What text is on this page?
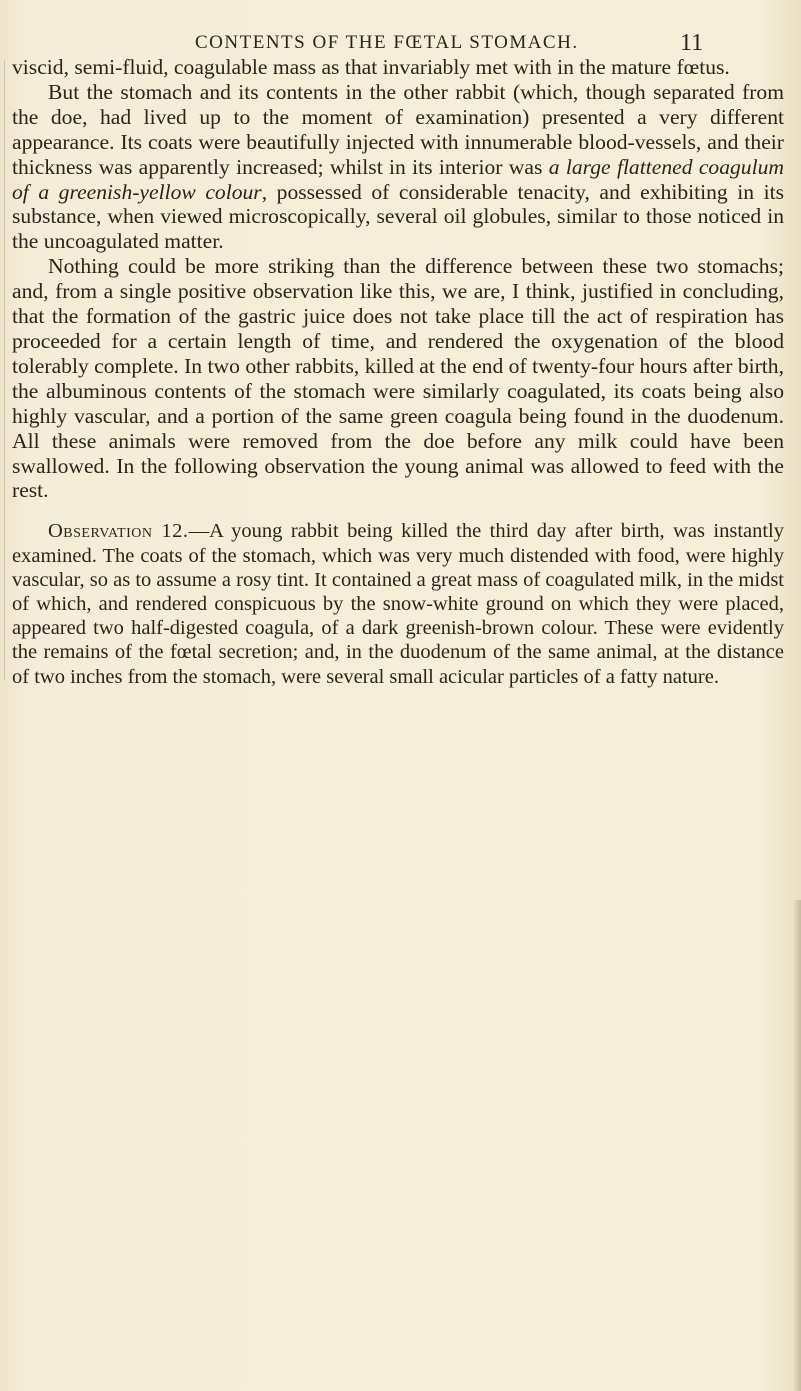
CONTENTS OF THE FŒTAL STOMACH.	11

viscid, semi-fluid, coagulable mass as that invariably met with in the mature fœtus.

But the stomach and its contents in the other rabbit (which, though separated from the doe, had lived up to the moment of examination) presented a very different appearance. Its coats were beautifully injected with innumerable blood-vessels, and their thickness was apparently increased; whilst in its interior was a large flattened coagulum of a greenish-yellow colour, possessed of considerable tenacity, and exhibiting in its substance, when viewed microscopically, several oil globules, similar to those noticed in the uncoagulated matter.

Nothing could be more striking than the difference between these two stomachs; and, from a single positive observation like this, we are, I think, justified in concluding, that the formation of the gastric juice does not take place till the act of respiration has proceeded for a certain length of time, and rendered the oxygenation of the blood tolerably complete. In two other rabbits, killed at the end of twenty-four hours after birth, the albuminous contents of the stomach were similarly coagulated, its coats being also highly vascular, and a portion of the same green coagula being found in the duodenum. All these animals were removed from the doe before any milk could have been swallowed. In the following observation the young animal was allowed to feed with the rest.

Observation 12.—A young rabbit being killed the third day after birth, was instantly examined. The coats of the stomach, which was very much distended with food, were highly vascular, so as to assume a rosy tint. It contained a great mass of coagulated milk, in the midst of which, and rendered conspicuous by the snow-white ground on which they were placed, appeared two half-digested coagula, of a dark greenish-brown colour. These were evidently the remains of the fœtal secretion; and, in the duodenum of the same animal, at the distance of two inches from the stomach, were several small acicular particles of a fatty nature.
